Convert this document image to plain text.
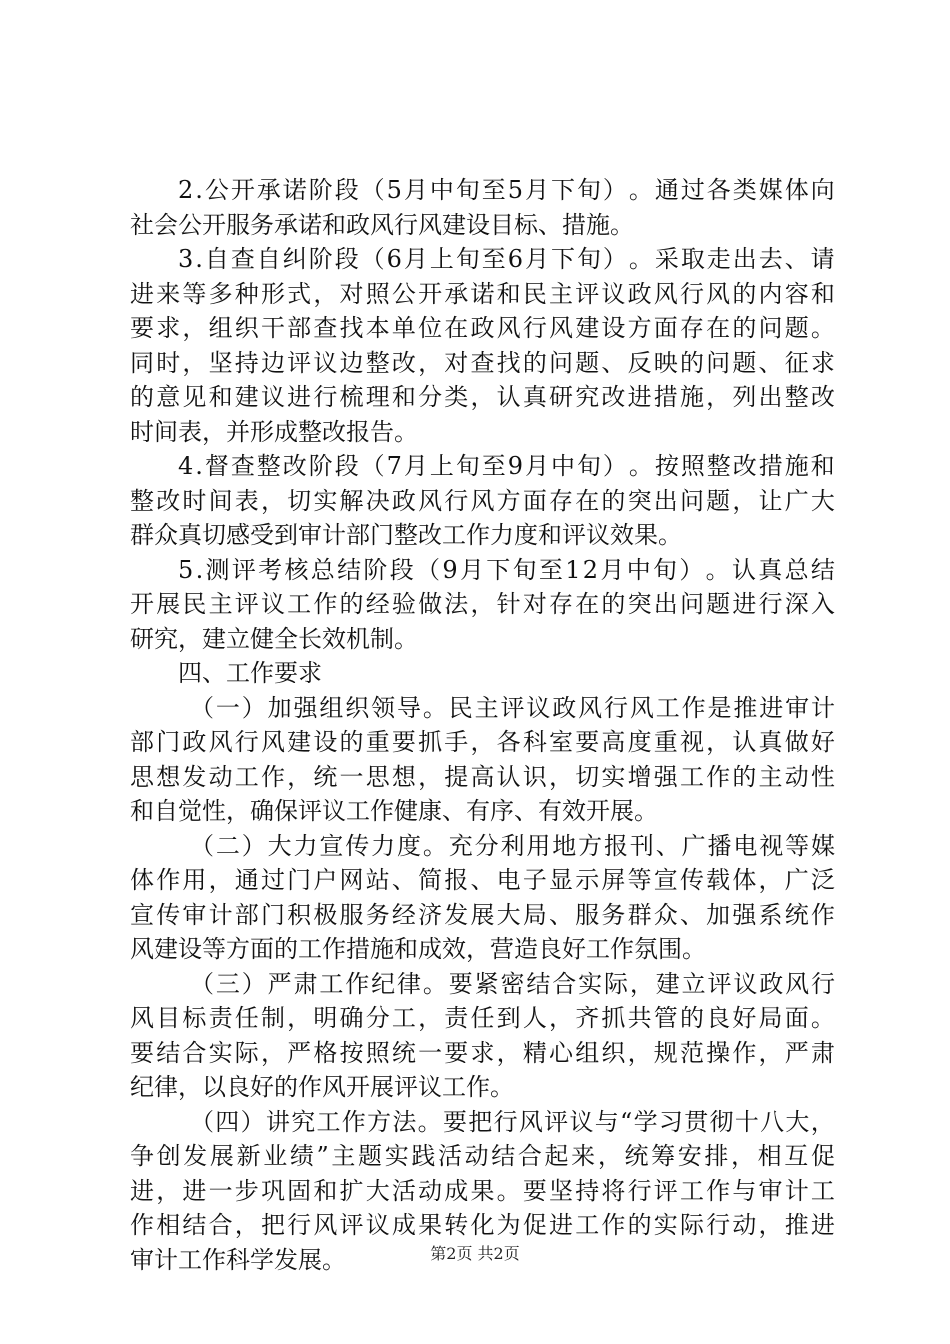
2 . 公 开 承 诺 阶 段 （ 5 月 中 旬 至 5 月 下 旬 ） 。 通 过 各 类 媒 体 向
社会公开服务承诺和政风行风建设目标、措施。
3 . 自 查 自 纠 阶 段 （ 6 月 上 旬 至 6 月 下 旬 ） 。 采 取 走 出 去 、 请
进 来 等 多 种 形 式 ， 对 照 公 开 承 诺 和 民 主 评 议 政 风 行 风 的 内 容 和
要 求 ， 组 织 干 部 查 找 本 单 位 在 政 风 行 风 建 设 方 面 存 在 的 问 题 。
同 时 ， 坚 持 边 评 议 边 整 改 ， 对 查 找 的 问 题 、 反 映 的 问 题 、 征 求
的 意 见 和 建 议 进 行 梳 理 和 分 类 ， 认 真 研 究 改 进 措 施 ， 列 出 整 改
时间表，并形成整改报告。
4 . 督 查 整 改 阶 段 （ 7 月 上 旬 至 9 月 中 旬 ） 。 按 照 整 改 措 施 和
整 改 时 间 表 ， 切 实 解 决 政 风 行 风 方 面 存 在 的 突 出 问 题 ， 让 广 大
群众真切感受到审计部门整改工作力度和评议效果。
5 . 测 评 考 核 总 结 阶 段 （ 9 月 下 旬 至 1 2 月 中 旬 ） 。 认 真 总 结
开 展 民 主 评 议 工 作 的 经 验 做 法 ， 针 对 存 在 的 突 出 问 题 进 行 深 入
研究，建立健全长效机制。
四、工作要求
（ 一 ） 加 强 组 织 领 导 。 民 主 评 议 政 风 行 风 工 作 是 推 进 审 计
部 门 政 风 行 风 建 设 的 重 要 抓 手 ， 各 科 室 要 高 度 重 视 ， 认 真 做 好
思 想 发 动 工 作 ， 统 一 思 想 ， 提 高 认 识 ， 切 实 增 强 工 作 的 主 动 性
和自觉性，确保评议工作健康、有序、有效开展。
（ 二 ） 大 力 宣 传 力 度 。 充 分 利 用 地 方 报 刊 、 广 播 电 视 等 媒
体 作 用 ， 通 过 门 户 网 站 、 简 报 、 电 子 显 示 屏 等 宣 传 载 体 ， 广 泛
宣 传 审 计 部 门 积 极 服 务 经 济 发 展 大 局 、 服 务 群 众 、 加 强 系 统 作
风建设等方面的工作措施和成效，营造良好工作氛围。
（ 三 ） 严 肃 工 作 纪 律 。 要 紧 密 结 合 实 际 ， 建 立 评 议 政 风 行
风 目 标 责 任 制 ， 明 确 分 工 ， 责 任 到 人 ， 齐 抓 共 管 的 良 好 局 面 。
要 结 合 实 际 ， 严 格 按 照 统 一 要 求 ， 精 心 组 织 ， 规 范 操 作 ， 严 肃
纪律，以良好的作风开展评议工作。
（ 四 ） 讲 究 工 作 方 法 。 要 把 行 风 评 议 与 “ 学 习 贯 彻 十 八 大 ，
争 创 发 展 新 业 绩 ” 主 题 实 践 活 动 结 合 起 来 ， 统 筹 安 排 ， 相 互 促
进 ， 进 一 步 巩 固 和 扩 大 活 动 成 果 。 要 坚 持 将 行 评 工 作 与 审 计 工
作 相 结 合 ， 把 行 风 评 议 成 果 转 化 为 促 进 工 作 的 实 际 行 动 ， 推 进
审计工作科学发展。	第2页 共2页
